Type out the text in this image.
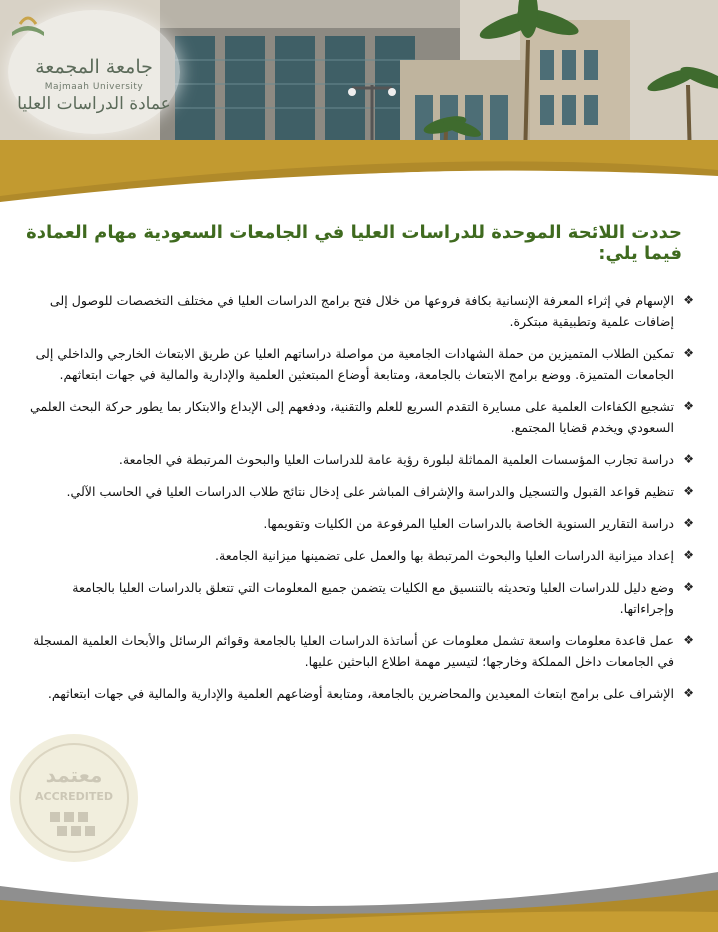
جامعة المجمعة
Majmaah University
عمادة الدراسات العليا
حددت اللائحة الموحدة للدراسات العليا في الجامعات السعودية مهام العمادة فيما يلي:
❖
الإسهام في إثراء المعرفة الإنسانية بكافة فروعها من خلال فتح برامج الدراسات العليا في مختلف التخصصات للوصول إلى إضافات علمية وتطبيقية مبتكرة.
❖
تمكين الطلاب المتميزين من حملة الشهادات الجامعية من مواصلة دراساتهم العليا عن طريق الابتعاث الخارجي والداخلي إلى الجامعات المتميزة. ووضع برامج الابتعاث بالجامعة، ومتابعة أوضاع المبتعثين العلمية والإدارية والمالية في جهات ابتعاثهم.
❖
تشجيع الكفاءات العلمية على مسايرة التقدم السريع للعلم والتقنية، ودفعهم إلى الإبداع والابتكار بما يطور حركة البحث العلمي السعودي ويخدم قضايا المجتمع.
❖
دراسة تجارب المؤسسات العلمية المماثلة لبلورة رؤية عامة للدراسات العليا والبحوث المرتبطة في الجامعة.
❖
تنظيم قواعد القبول والتسجيل والدراسة والإشراف المباشر على إدخال نتائج طلاب الدراسات العليا في الحاسب الآلي.
❖
دراسة التقارير السنوية الخاصة بالدراسات العليا المرفوعة من الكليات وتقويمها.
❖
إعداد ميزانية الدراسات العليا والبحوث المرتبطة بها والعمل على تضمينها ميزانية الجامعة.
❖
وضع دليل للدراسات العليا وتحديثه بالتنسيق مع الكليات يتضمن جميع المعلومات التي تتعلق بالدراسات العليا بالجامعة وإجراءاتها.
❖
عمل قاعدة معلومات واسعة تشمل معلومات عن أساتذة الدراسات العليا بالجامعة وقوائم الرسائل والأبحاث العلمية المسجلة في الجامعات داخل المملكة وخارجها؛ لتيسير مهمة اطلاع الباحثين عليها.
❖
الإشراف على برامج ابتعاث المعيدين والمحاضرين بالجامعة، ومتابعة أوضاعهم العلمية والإدارية والمالية في جهات ابتعاثهم.
معتمد
ACCREDITED
